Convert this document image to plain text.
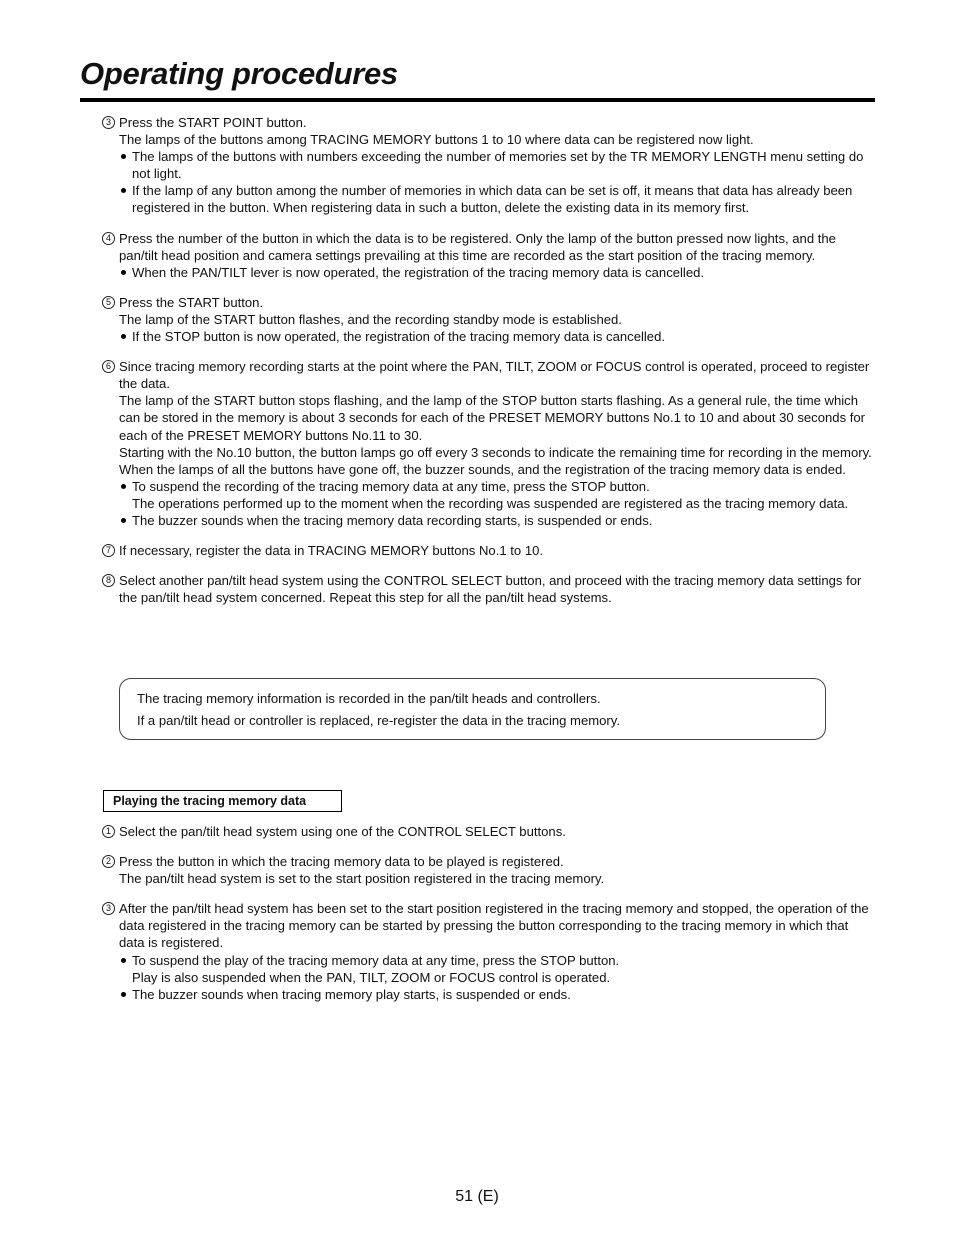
Operating procedures
3 Press the START POINT button.

The lamps of the buttons among TRACING MEMORY buttons 1 to 10 where data can be registered now light.

The lamps of the buttons with numbers exceeding the number of memories set by the TR MEMORY LENGTH menu setting do not light.

If the lamp of any button among the number of memories in which data can be set is off, it means that data has already been registered in the button. When registering data in such a button, delete the existing data in its memory first.

4 Press the number of the button in which the data is to be registered. Only the lamp of the button pressed now lights, and the pan/tilt head position and camera settings prevailing at this time are recorded as the start position of the tracing memory.

When the PAN/TILT lever is now operated, the registration of the tracing memory data is cancelled.

5 Press the START button.

The lamp of the START button flashes, and the recording standby mode is established.

If the STOP button is now operated, the registration of the tracing memory data is cancelled.

6 Since tracing memory recording starts at the point where the PAN, TILT, ZOOM or FOCUS control is operated, proceed to register the data.

The lamp of the START button stops flashing, and the lamp of the STOP button starts flashing. As a general rule, the time which can be stored in the memory is about 3 seconds for each of the PRESET MEMORY buttons No.1 to 10 and about 30 seconds for each of the PRESET MEMORY buttons No.11 to 30.

Starting with the No.10 button, the button lamps go off every 3 seconds to indicate the remaining time for recording in the memory. When the lamps of all the buttons have gone off, the buzzer sounds, and the registration of the tracing memory data is ended.

To suspend the recording of the tracing memory data at any time, press the STOP button.

The operations performed up to the moment when the recording was suspended are registered as the tracing memory data.

The buzzer sounds when the tracing memory data recording starts, is suspended or ends.

7 If necessary, register the data in TRACING MEMORY buttons No.1 to 10.

8 Select another pan/tilt head system using the CONTROL SELECT button, and proceed with the tracing memory data settings for the pan/tilt head system concerned. Repeat this step for all the pan/tilt head systems.

The tracing memory information is recorded in the pan/tilt heads and controllers.

If a pan/tilt head or controller is replaced, re-register the data in the tracing memory.

Playing the tracing memory data
1 Select the pan/tilt head system using one of the CONTROL SELECT buttons.

2 Press the button in which the tracing memory data to be played is registered.

The pan/tilt head system is set to the start position registered in the tracing memory.

3 After the pan/tilt head system has been set to the start position registered in the tracing memory and stopped, the operation of the data registered in the tracing memory can be started by pressing the button corresponding to the tracing memory in which that data is registered.

To suspend the play of the tracing memory data at any time, press the STOP button.

Play is also suspended when the PAN, TILT, ZOOM or FOCUS control is operated.

The buzzer sounds when tracing memory play starts, is suspended or ends.

51 (E)
